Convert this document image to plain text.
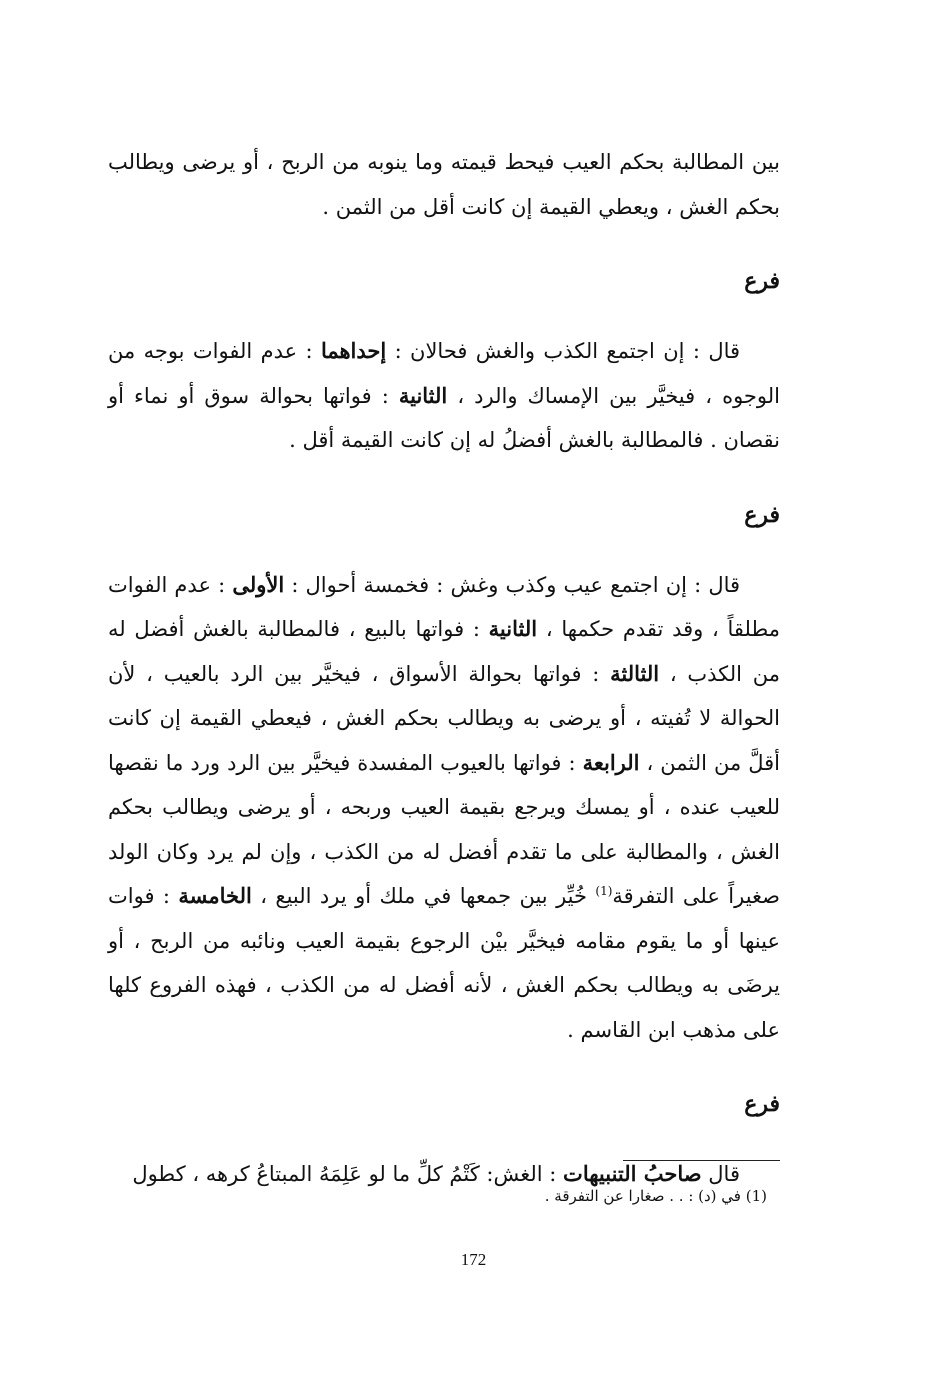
بين المطالبة بحكم العيب فيحط قيمته وما ينوبه من الربح ، أو يرضى ويطالب بحكم الغش ، ويعطي القيمة إن كانت أقل من الثمن .

فرع

قال : إن اجتمع الكذب والغش فحالان : إحداهما : عدم الفوات بوجه من الوجوه ، فيخيَّر بين الإمساك والرد ، الثانية : فواتها بحوالة سوق أو نماء أو نقصان . فالمطالبة بالغش أفضلُ له إن كانت القيمة أقل .

فرع

قال : إن اجتمع عيب وكذب وغش : فخمسة أحوال : الأولى : عدم الفوات مطلقاً ، وقد تقدم حكمها ، الثانية : فواتها بالبيع ، فالمطالبة بالغش أفضل له من الكذب ، الثالثة : فواتها بحوالة الأسواق ، فيخيَّر بين الرد بالعيب ، لأن الحوالة لا تُفيته ، أو يرضى به ويطالب بحكم الغش ، فيعطي القيمة إن كانت أقلَّ من الثمن ، الرابعة : فواتها بالعيوب المفسدة فيخيَّر بين الرد ورد ما نقصها للعيب عنده ، أو يمسك ويرجع بقيمة العيب وربحه ، أو يرضى ويطالب بحكم الغش ، والمطالبة على ما تقدم أفضل له من الكذب ، وإن لم يرد وكان الولد صغيراً على التفرقة$^{(1)}$ خُيِّر بين جمعها في ملك أو يرد البيع ، الخامسة : فوات عينها أو ما يقوم مقامه فيخيَّر بيْن الرجوع بقيمة العيب ونائبه من الربح ، أو يرضَى به ويطالب بحكم الغش ، لأنه أفضل له من الكذب ، فهذه الفروع كلها على مذهب ابن القاسم .

فرع

قال صاحبُ التنبيهات : الغش: كَتْمُ كلِّ ما لو عَلِمَهُ المبتاعُ كرهه ، كطول

(1) في (د) : . . صغارا عن التفرقة .
172
